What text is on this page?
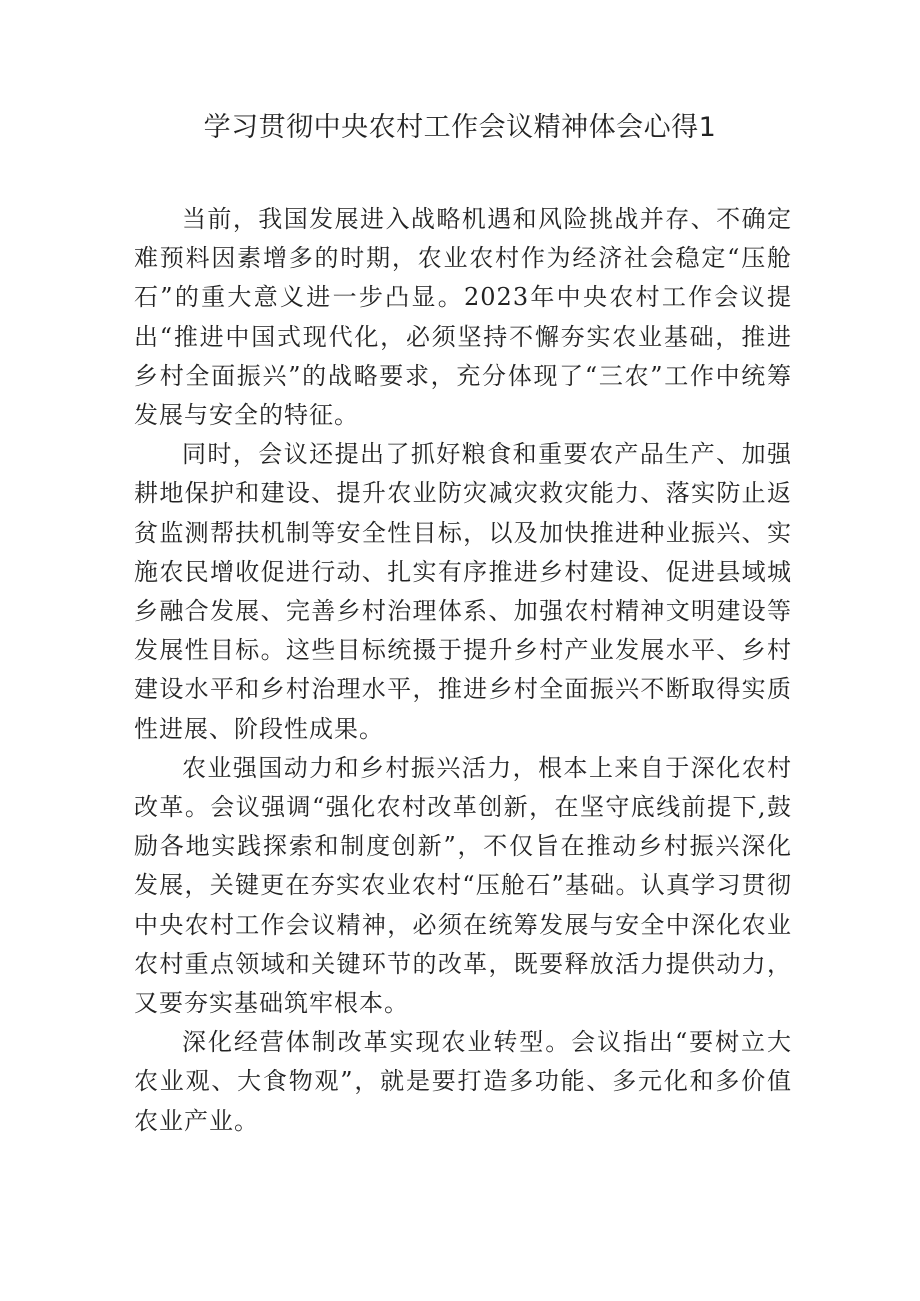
学习贯彻中央农村工作会议精神体会心得1

当前，我国发展进入战略机遇和风险挑战并存、不确定难预料因素增多的时期，农业农村作为经济社会稳定“压舱石”的重大意义进一步凸显。2023年中央农村工作会议提出“推进中国式现代化，必须坚持不懈夯实农业基础，推进乡村全面振兴”的战略要求，充分体现了“三农”工作中统筹发展与安全的特征。

同时，会议还提出了抓好粮食和重要农产品生产、加强耕地保护和建设、提升农业防灾减灾救灾能力、落实防止返贫监测帮扶机制等安全性目标，以及加快推进种业振兴、实施农民增收促进行动、扎实有序推进乡村建设、促进县域城乡融合发展、完善乡村治理体系、加强农村精神文明建设等发展性目标。这些目标统摄于提升乡村产业发展水平、乡村建设水平和乡村治理水平，推进乡村全面振兴不断取得实质性进展、阶段性成果。

农业强国动力和乡村振兴活力，根本上来自于深化农村改革。会议强调“强化农村改革创新，在坚守底线前提下,鼓励各地实践探索和制度创新”，不仅旨在推动乡村振兴深化发展，关键更在夯实农业农村“压舱石”基础。认真学习贯彻中央农村工作会议精神，必须在统筹发展与安全中深化农业农村重点领域和关键环节的改革，既要释放活力提供动力，又要夯实基础筑牢根本。

深化经营体制改革实现农业转型。会议指出“要树立大农业观、大食物观”，就是要打造多功能、多元化和多价值农业产业。
